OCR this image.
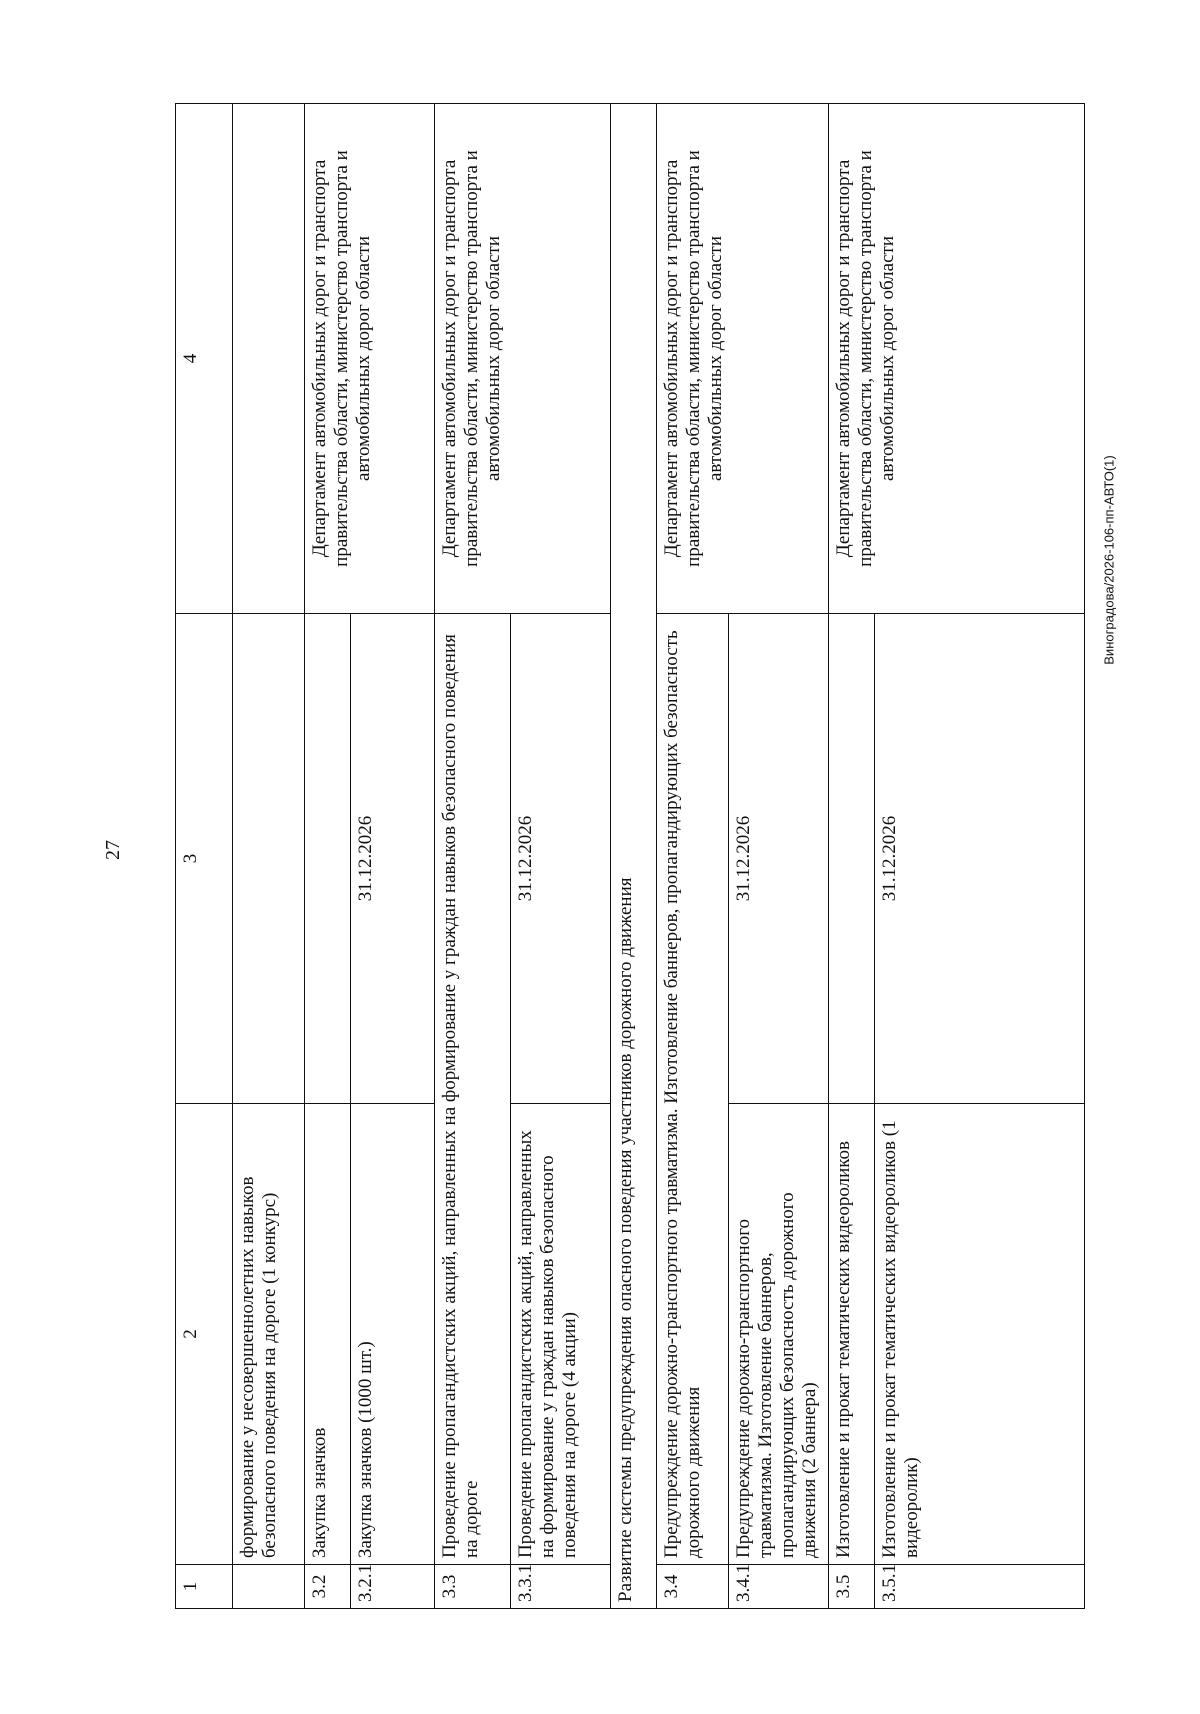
27
1	2	3	4
	формирование у несовершеннолетних навыков безопасного поведения на дороге (1 конкурс)		
3.2	Закупка значков		Департамент автомобильных дорог и транспорта правительства области, министерство транспорта и автомобильных дорог области
3.2.1	Закупка значков (1000 шт.)	31.12.2026	
3.3	Проведение пропагандистских акций, направленных на формирование у граждан навыков безопасного поведения на дороге		Департамент автомобильных дорог и транспорта правительства области, министерство транспорта и автомобильных дорог области
3.3.1	Проведение пропагандистских акций, направленных на формирование у граждан навыков безопасного поведения на дороге (4 акции)	31.12.2026	
Развитие системы предупреждения опасного поведения участников дорожного движения			
3.4	Предупреждение дорожно-транспортного травматизма. Изготовление баннеров, пропагандирующих безопасность дорожного движения		Департамент автомобильных дорог и транспорта правительства области, министерство транспорта и автомобильных дорог области
3.4.1	Предупреждение дорожно-транспортного травматизма. Изготовление баннеров, пропагандирующих безопасность дорожного движения (2 баннера)	31.12.2026	
3.5	Изготовление и прокат тематических видеороликов		Департамент автомобильных дорог и транспорта правительства области, министерство транспорта и автомобильных дорог области
3.5.1	Изготовление и прокат тематических видеороликов (1 видеоролик)	31.12.2026	
Виноградова/2026-106-пп-АВТО(1)
